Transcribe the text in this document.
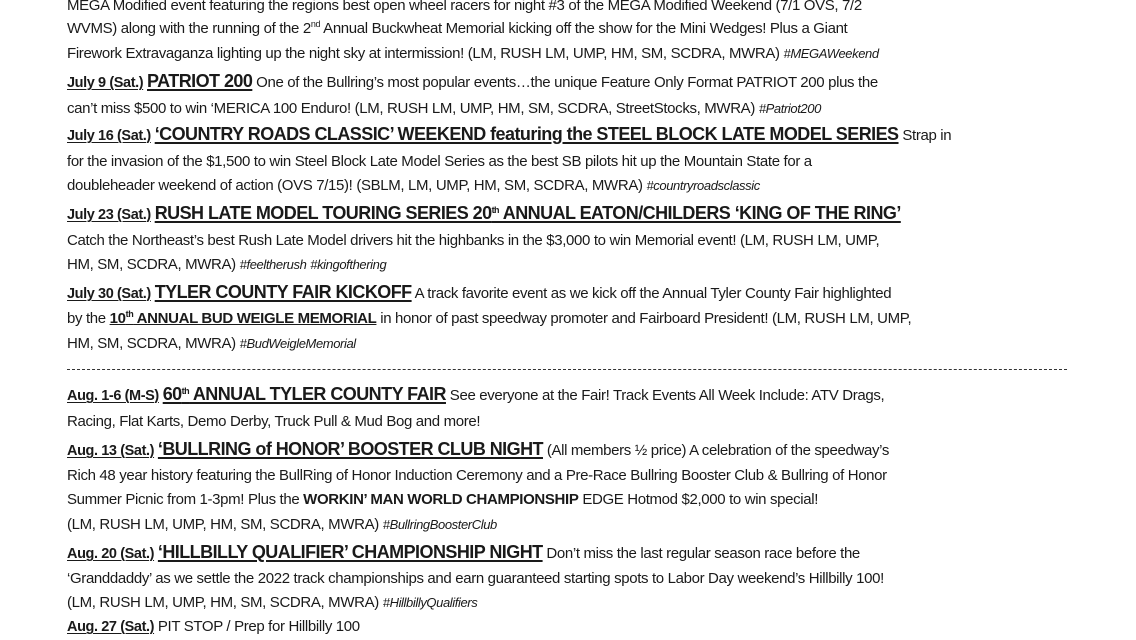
MEGA Modified event featuring the regions best open wheel racers for night #3 of the MEGA Modified Weekend (7/1 OVS, 7/2
WVMS) along with the running of the 2nd Annual Buckwheat Memorial kicking off the show for the Mini Wedges! Plus a Giant
Firework Extravaganza lighting up the night sky at intermission! (LM, RUSH LM, UMP, HM, SM, SCDRA, MWRA) #MEGAWeekend
July 9 (Sat.) PATRIOT 200 One of the Bullring’s most popular events…the unique Feature Only Format PATRIOT 200 plus the
can’t miss $500 to win ‘MERICA 100 Enduro! (LM, RUSH LM, UMP, HM, SM, SCDRA, StreetStocks, MWRA) #Patriot200
July 16 (Sat.) ‘COUNTRY ROADS CLASSIC’ WEEKEND featuring the STEEL BLOCK LATE MODEL SERIES Strap in
for the invasion of the $1,500 to win Steel Block Late Model Series as the best SB pilots hit up the Mountain State for a
doubleheader weekend of action (OVS 7/15)! (SBLM, LM, UMP, HM, SM, SCDRA, MWRA) #countryroadsclassic
July 23 (Sat.) RUSH LATE MODEL TOURING SERIES 20th ANNUAL EATON/CHILDERS ‘KING OF THE RING’
Catch the Northeast’s best Rush Late Model drivers hit the highbanks in the $3,000 to win Memorial event! (LM, RUSH LM, UMP,
HM, SM, SCDRA, MWRA) #feeltherush #kingofthering
July 30 (Sat.) TYLER COUNTY FAIR KICKOFF A track favorite event as we kick off the Annual Tyler County Fair highlighted
by the 10th ANNUAL BUD WEIGLE MEMORIAL in honor of past speedway promoter and Fairboard President! (LM, RUSH LM, UMP,
HM, SM, SCDRA, MWRA) #BudWeigleMemorial
Aug. 1-6 (M-S) 60th ANNUAL TYLER COUNTY FAIR See everyone at the Fair! Track Events All Week Include: ATV Drags,
Racing, Flat Karts, Demo Derby, Truck Pull & Mud Bog and more!
Aug. 13 (Sat.) ‘BULLRING of HONOR’ BOOSTER CLUB NIGHT (All members ½ price) A celebration of the speedway’s
Rich 48 year history featuring the BullRing of Honor Induction Ceremony and a Pre-Race Bullring Booster Club & Bullring of Honor
Summer Picnic from 1-3pm! Plus the WORKIN’ MAN WORLD CHAMPIONSHIP EDGE Hotmod $2,000 to win special!
(LM, RUSH LM, UMP, HM, SM, SCDRA, MWRA) #BullringBoosterClub
Aug. 20 (Sat.) ‘HILLBILLY QUALIFIER’ CHAMPIONSHIP NIGHT Don’t miss the last regular season race before the
‘Granddaddy’ as we settle the 2022 track championships and earn guaranteed starting spots to Labor Day weekend’s Hillbilly 100!
(LM, RUSH LM, UMP, HM, SM, SCDRA, MWRA) #HillbillyQualifiers
Aug. 27 (Sat.) PIT STOP / Prep for Hillbilly 100
